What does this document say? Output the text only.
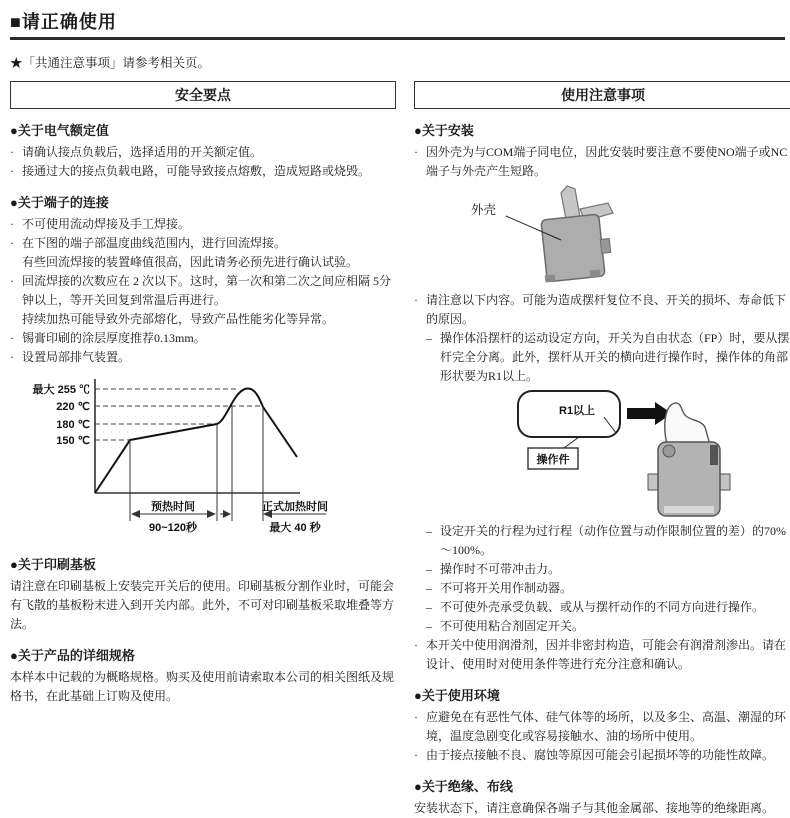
■请正确使用
★「共通注意事项」请参考相关页。
安全要点
●关于电气额定值
· 请确认接点负载后，选择适用的开关额定值。
· 接通过大的接点负载电路，可能导致接点熔敷，造成短路或烧毁。
●关于端子的连接
· 不可使用流动焊接及手工焊接。
· 在下图的端子部温度曲线范围内，进行回流焊接。
有些回流焊接的装置峰值很高，因此请务必预先进行确认试验。
· 回流焊接的次数应在 2 次以下。这时，第一次和第二次之间应相隔 5分钟以上，等开关回复到常温后再进行。
持续加热可能导致外壳部熔化，导致产品性能劣化等异常。
· 锡膏印刷的涂层厚度推荐0.13mm。
· 设置局部排气装置。
最大 255 ℃
220 ℃
180 ℃
150 ℃
预热时间
90~120秒
正式加热时间
最大 40 秒
●关于印刷基板

请注意在印刷基板上安装完开关后的使用。印刷基板分割作业时，可能会有飞散的基板粉末进入到开关内部。此外，不可对印刷基板采取堆叠等方法。

●关于产品的详细规格

本样本中记载的为概略规格。购买及使用前请索取本公司的相关图纸及规格书，在此基础上订购及使用。

使用注意事项
●关于安装
· 因外壳为与COM端子同电位，因此安装时要注意不要使NO端子或NC端子与外壳产生短路。
外壳
· 请注意以下内容。可能为造成摆杆复位不良、开关的损坏、寿命低下的原因。
– 操作体沿摆杆的运动设定方向，开关为自由状态（FP）时，要从摆杆完全分离。此外，摆杆从开关的横向进行操作时，操作体的角部形状要为R1以上。
R1以上
操作件
– 设定开关的行程为过行程（动作位置与动作限制位置的差）的70%～100%。
– 操作时不可带冲击力。
– 不可将开关用作制动器。
– 不可使外壳承受负载、或从与摆杆动作的不同方向进行操作。
– 不可使用粘合剂固定开关。
· 本开关中使用润滑剂，因并非密封构造，可能会有润滑剂渗出。请在设计、使用时对使用条件等进行充分注意和确认。
●关于使用环境
· 应避免在有恶性气体、硅气体等的场所，以及多尘、高温、潮湿的环境，温度急剧变化或容易接触水、油的场所中使用。
· 由于接点接触不良、腐蚀等原因可能会引起损坏等的功能性故障。
●关于绝缘、布线

安装状态下，请注意确保各端子与其他金属部、接地等的绝缘距离。
